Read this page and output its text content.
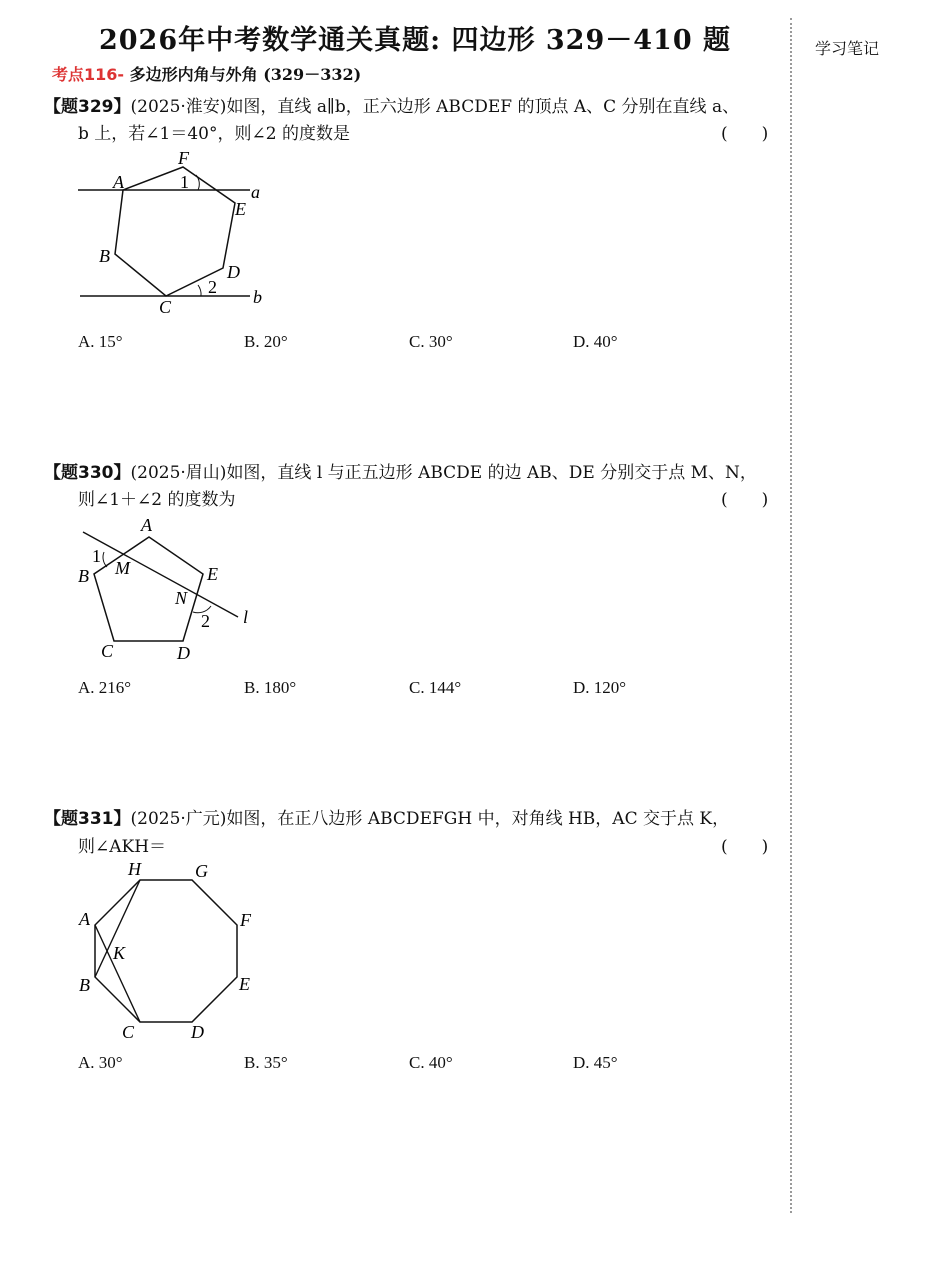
2026年中考数学通关真题: 四边形 329－410 题	学习笔记
考点116- 多边形内角与外角 (329－332)
【题329】(2025·淮安)如图，直线 a∥b，正六边形 ABCDEF 的顶点 A、C 分别在直线 a、
b 上，若∠1＝40°，则∠2 的度数是	(　　)
A
B
C
D
E
F
a
b
1
2
A. 15°	B. 20°	C. 30°	D. 40°
【题330】(2025·眉山)如图，直线 l 与正五边形 ABCDE 的边 AB、DE 分别交于点 M、N，
则∠1＋∠2 的度数为	(　　)
A
B
C	D
E
M
N
l
1
2
A. 216°	B. 180°	C. 144°	D. 120°
【题331】(2025·广元)如图，在正八边形 ABCDEFGH 中，对角线 HB，AC 交于点 K，
则∠AKH＝	(　　)
A
B
C	D
E
F
G
H
K
A. 30°	B. 35°	C. 40°	D. 45°
